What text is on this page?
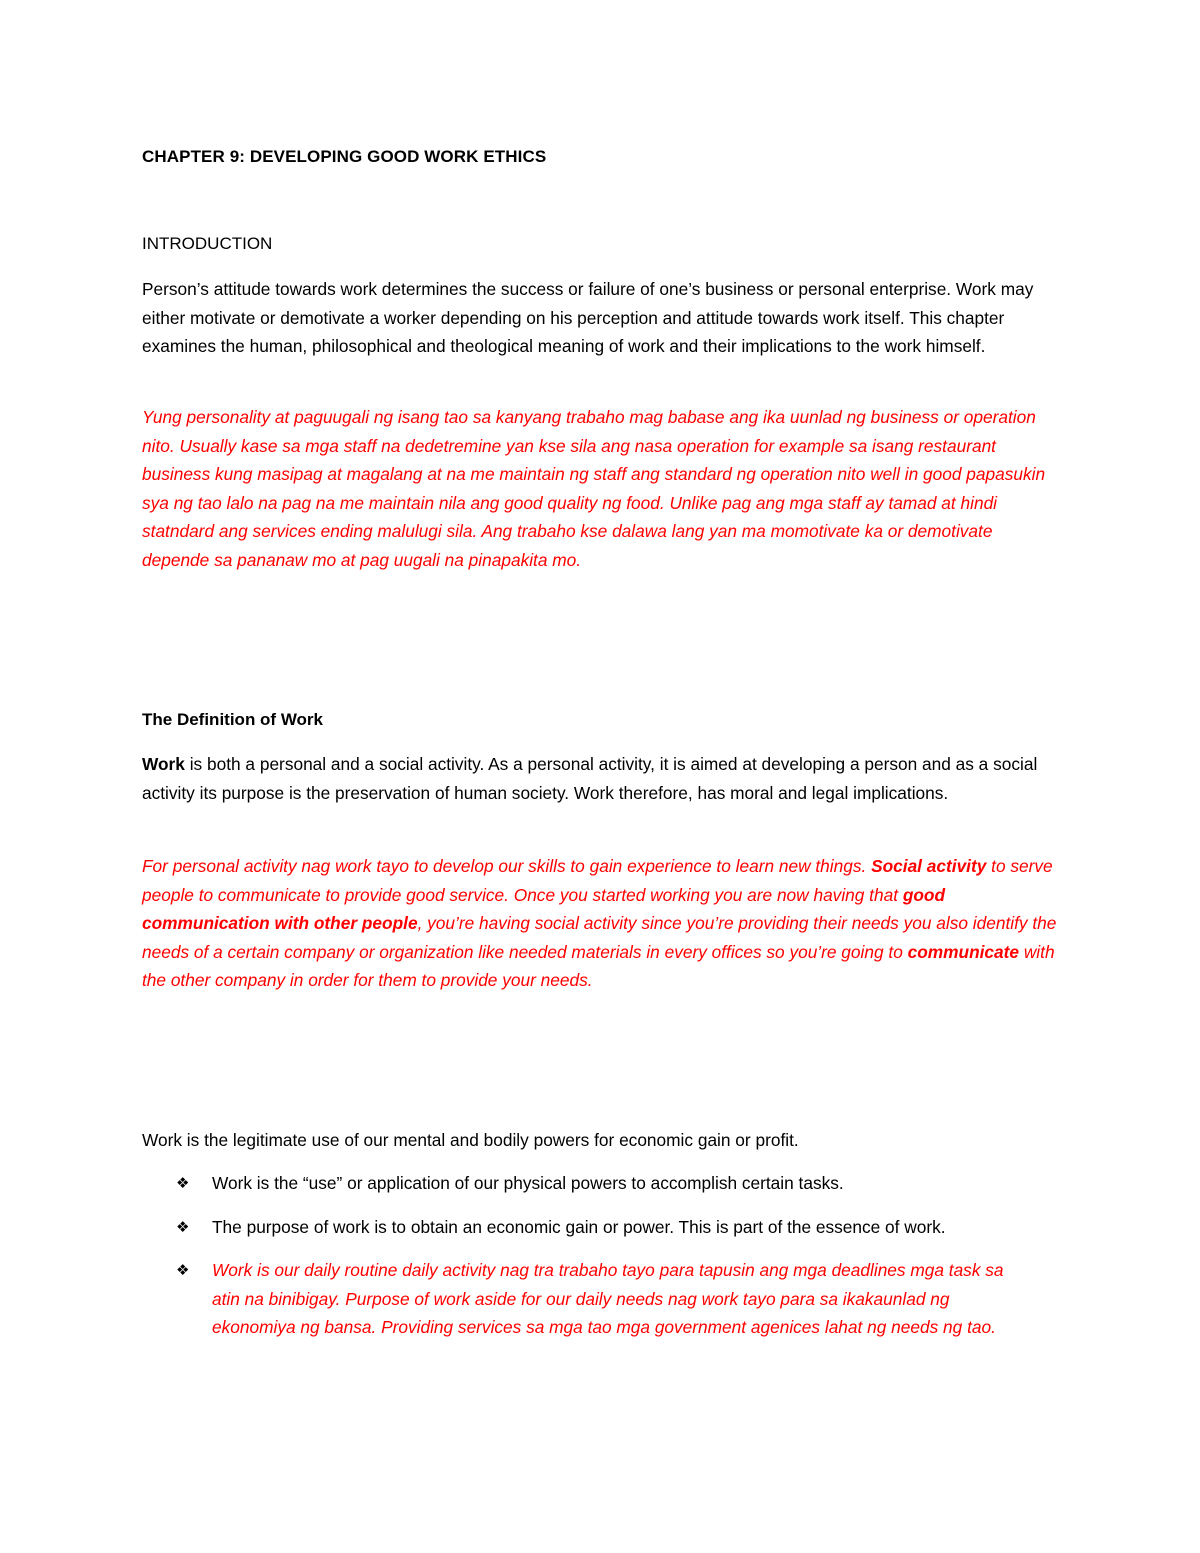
CHAPTER 9: DEVELOPING GOOD WORK ETHICS

INTRODUCTION

Person’s attitude towards work determines the success or failure of one’s business or personal enterprise. Work may either motivate or demotivate a worker depending on his perception and attitude towards work itself. This chapter examines the human, philosophical and theological meaning of work and their implications to the work himself.

Yung personality at paguugali ng isang tao sa kanyang trabaho mag babase ang ika uunlad ng business or operation nito. Usually kase sa mga staff na dedetremine yan kse sila ang nasa operation for example sa isang restaurant business kung masipag at magalang at na me maintain ng staff ang standard ng operation nito well in good papasukin sya ng tao lalo na pag na me maintain nila ang good quality ng food. Unlike pag ang mga staff ay tamad at hindi statndard ang services ending malulugi sila. Ang trabaho kse dalawa lang yan ma momotivate ka or demotivate depende sa pananaw mo at pag uugali na pinapakita mo.

The Definition of Work

Work is both a personal and a social activity. As a personal activity, it is aimed at developing a person and as a social activity its purpose is the preservation of human society. Work therefore, has moral and legal implications.

For personal activity nag work tayo to develop our skills to gain experience to learn new things. Social activity to serve people to communicate to provide good service. Once you started working you are now having that good communication with other people, you’re having social activity since you’re providing their needs you also identify the needs of a certain company or organization like needed materials in every offices so you’re going to communicate with the other company in order for them to provide your needs.

Work is the legitimate use of our mental and bodily powers for economic gain or profit.

❖ Work is the “use” or application of our physical powers to accomplish certain tasks.
❖ The purpose of work is to obtain an economic gain or power. This is part of the essence of work.
❖ Work is our daily routine daily activity nag tra trabaho tayo para tapusin ang mga deadlines mga task sa atin na binibigay. Purpose of work aside for our daily needs nag work tayo para sa ikakaunlad ng ekonomiya ng bansa. Providing services sa mga tao mga government agenices lahat ng needs ng tao.
